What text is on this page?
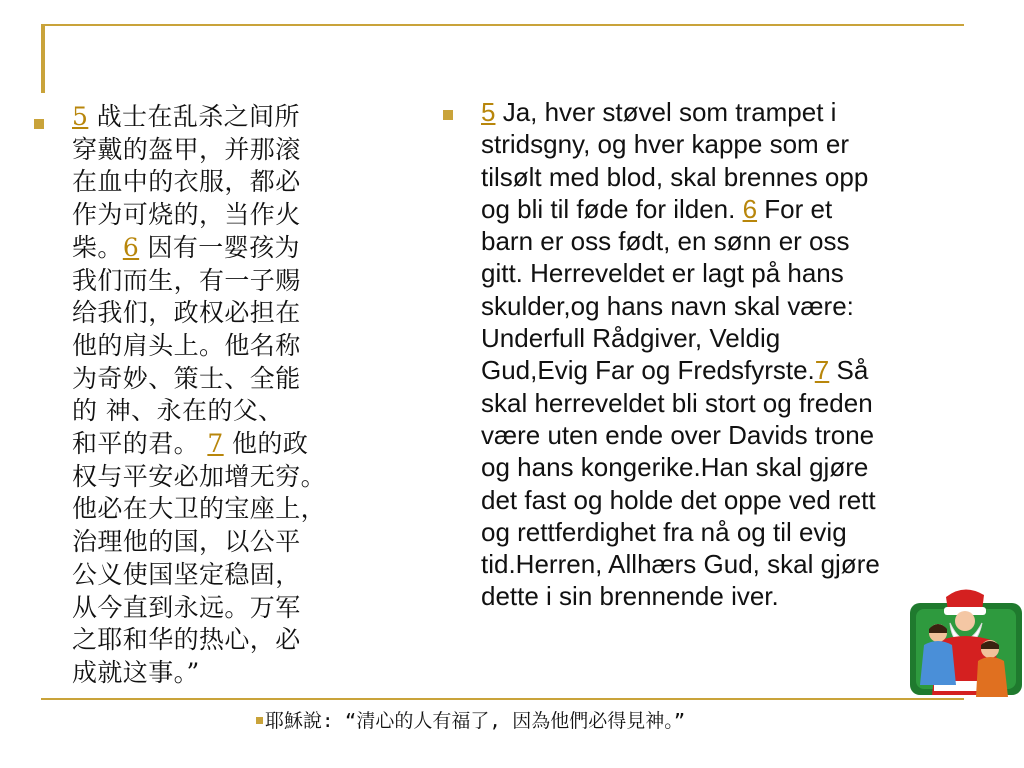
5 战士在乱杀之间所
穿戴的盔甲，并那滚
在血中的衣服，都必
作为可烧的，当作火
柴。6 因有一婴孩为
我们而生，有一子赐
给我们，政权必担在
他的肩头上。他名称
为奇妙、策士、全能
的 神、永在的父、
和平的君。 7 他的政
权与平安必加增无穷。
他必在大卫的宝座上，
治理他的国，以公平
公义使国坚定稳固，
从今直到永远。万军
之耶和华的热心，必
成就这事。”
5 Ja, hver støvel som trampet i
stridsgny, og hver kappe som er
tilsølt med blod, skal brennes opp
og bli til føde for ilden. 6 For et
barn er oss født, en sønn er oss
gitt. Herreveldet er lagt på hans
skulder,og hans navn skal være:
Underfull Rådgiver, Veldig
Gud,Evig Far og Fredsfyrste.7 Så
skal herreveldet bli stort og freden
være uten ende over Davids trone
og hans kongerike.Han skal gjøre
det fast og holde det oppe ved rett
og rettferdighet fra nå og til evig
tid.Herren, Allhærs Gud, skal gjøre
dette i sin brennende iver.
耶穌說: “清心的人有福了, 因為他們必得見神。”
